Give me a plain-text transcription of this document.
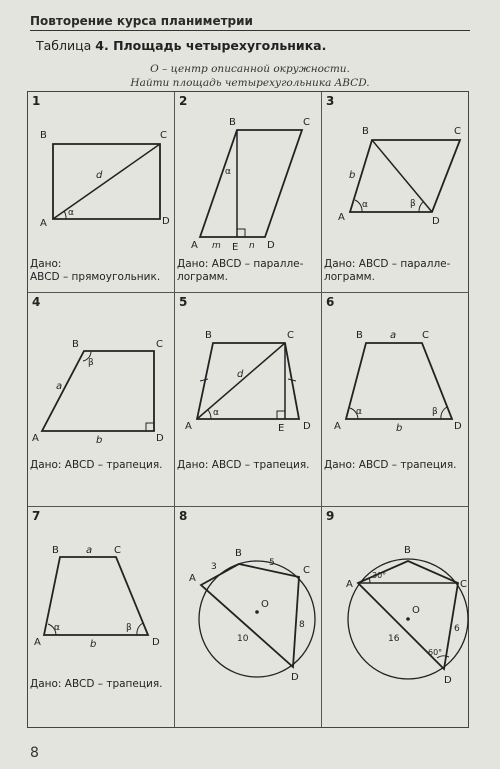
Повторение курса планиметрии
Таблица 4. Площадь четырехугольника.
O – центр описанной окружности.
Найти площадь четырехугольника ABCD.
1
B	C
A	D
d
α
Дано:
ABCD – прямоугольник.
2
B	C
A	D
E
m	n
α
Дано: ABCD – паралле-
лограмм.
3
B	C
A	D
b
α	β
Дано: ABCD – паралле-
лограмм.
4
B	C
A	D
a
b
β
Дано: ABCD – трапеция.
5
B	C
A	D
E
d
α
Дано: ABCD – трапеция.
6
B	C
A	D
a
b
α	β
Дано: ABCD – трапеция.
7
B	C
A	D
a
b
α	β
Дано: ABCD – трапеция.
8
A
B
C
D
O
3	5
8
10
9
A
B
C
D
O
30°
60°
6
16
8
